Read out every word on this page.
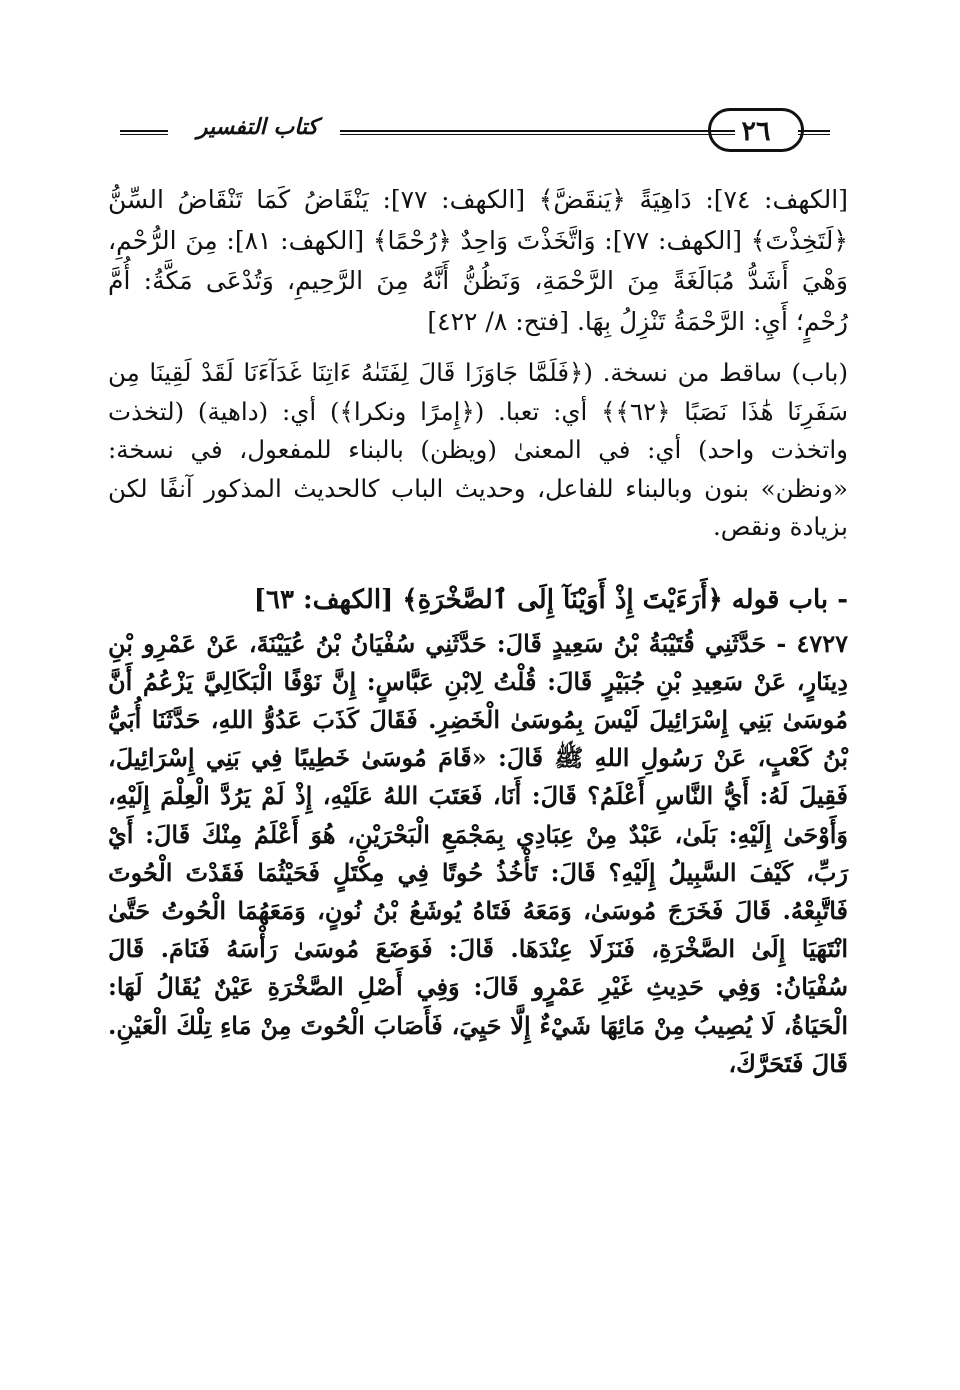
كتاب التفسير	٢٦

[الكهف: ٧٤]: دَاهِيَةً ﴿يَنقَضَّ﴾ [الكهف: ٧٧]: يَنْقَاضُ كَمَا تَنْقَاضُ السِّنُّ ﴿لَتَخِذْتَ﴾ [الكهف: ٧٧]: وَاتَّخَذْتَ وَاحِدٌ ﴿رُحْمًا﴾ [الكهف: ٨١]: مِنَ الرُّحْمِ، وَهْيَ أَشَدُّ مُبَالَغَةً مِنَ الرَّحْمَةِ، وَنَظُنُّ أَنَّهُ مِنَ الرَّحِيمِ، وَتُدْعَى مَكَّةُ: أُمَّ رُحْمٍ؛ أَيِ: الرَّحْمَةُ تَنْزِلُ بِهَا. [فتح: ٨/ ٤٢٢]

(باب) ساقط من نسخة. (﴿فَلَمَّا جَاوَزَا قَالَ لِفَتَىٰهُ ءَاتِنَا غَدَآءَنَا لَقَدْ لَقِينَا مِن سَفَرِنَا هَٰذَا نَصَبًا ﴿٦٢﴾﴾ أي: تعبا. (﴿إِمرًا ونكرا﴾) أي: (داهية) (لتخذت واتخذت واحد) أي: في المعنىٰ (ويظن) بالبناء للمفعول، في نسخة: «ونظن» بنون وبالبناء للفاعل، وحديث الباب كالحديث المذكور آنفًا لكن بزيادة ونقص.

- باب قوله ﴿أَرَءَيْتَ إِذْ أَوَيْنَآ إِلَى ٱلصَّخْرَةِ﴾ [الكهف: ٦٣]

٤٧٢٧ - حَدَّثَنِي قُتَيْبَةُ بْنُ سَعِيدٍ قَالَ: حَدَّثَنِي سُفْيَانُ بْنُ عُيَيْنَةَ، عَنْ عَمْرِو بْنِ دِينَارٍ، عَنْ سَعِيدِ بْنِ جُبَيْرٍ قَالَ: قُلْتُ لِابْنِ عَبَّاسٍ: إِنَّ نَوْفًا الْبَكَالِيَّ يَزْعُمُ أَنَّ مُوسَىٰ بَنِي إِسْرَائِيلَ لَيْسَ بِمُوسَىٰ الْخَضِرِ. فَقَالَ كَذَبَ عَدُوُّ اللهِ، حَدَّثَنَا أُبَيُّ بْنُ كَعْبٍ، عَنْ رَسُولِ اللهِ ﷺ قَالَ: «قَامَ مُوسَىٰ خَطِيبًا فِي بَنِي إِسْرَائِيلَ، فَقِيلَ لَهُ: أَيُّ النَّاسِ أَعْلَمُ؟ قَالَ: أَنَا، فَعَتَبَ اللهُ عَلَيْهِ، إِذْ لَمْ يَرُدَّ الْعِلْمَ إِلَيْهِ، وَأَوْحَىٰ إِلَيْهِ: بَلَىٰ، عَبْدٌ مِنْ عِبَادِي بِمَجْمَعِ الْبَحْرَيْنِ، هُوَ أَعْلَمُ مِنْكَ قَالَ: أَيْ رَبِّ، كَيْفَ السَّبِيلُ إِلَيْهِ؟ قَالَ: تَأْخُذُ حُوتًا فِي مِكْتَلٍ فَحَيْثُمَا فَقَدْتَ الْحُوتَ فَاتَّبِعْهُ. قَالَ فَخَرَجَ مُوسَىٰ، وَمَعَهُ فَتَاهُ يُوشَعُ بْنُ نُونٍ، وَمَعَهُمَا الْحُوتُ حَتَّىٰ انْتَهَيَا إِلَىٰ الصَّخْرَةِ، فَنَزَلَا عِنْدَهَا. قَالَ: فَوَضَعَ مُوسَىٰ رَأْسَهُ فَنَامَ. قَالَ سُفْيَانُ: وَفِي حَدِيثِ غَيْرِ عَمْرٍو قَالَ: وَفِي أَصْلِ الصَّخْرَةِ عَيْنٌ يُقَالُ لَهَا: الْحَيَاةُ، لَا يُصِيبُ مِنْ مَائِهَا شَيْءٌ إِلَّا حَيِيَ، فَأَصَابَ الْحُوتَ مِنْ مَاءِ تِلْكَ الْعَيْنِ. قَالَ فَتَحَرَّكَ،
